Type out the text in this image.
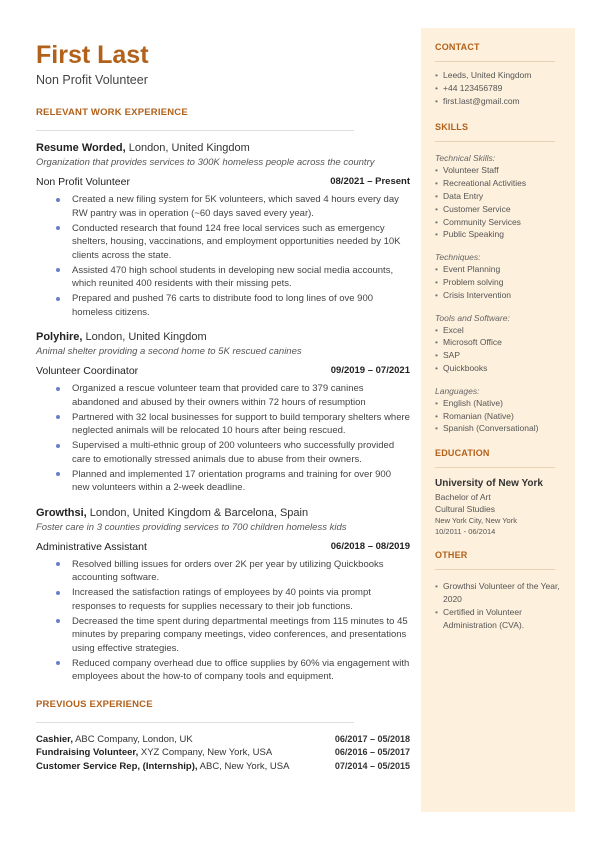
First Last
Non Profit Volunteer
RELEVANT WORK EXPERIENCE
Resume Worded, London, United Kingdom
Organization that provides services to 300K homeless people across the country
Non Profit Volunteer	08/2021 – Present
Created a new filing system for 5K volunteers, which saved 4 hours every day RW pantry was in operation (~60 days saved every year).
Conducted research that found 124 free local services such as emergency shelters, housing, vaccinations, and employment opportunities needed by 10K clients across the state.
Assisted 470 high school students in developing new social media accounts, which reunited 400 residents with their missing pets.
Prepared and pushed 76 carts to distribute food to long lines of ove 900 homeless citizens.
Polyhire, London, United Kingdom
Animal shelter providing a second home to 5K rescued canines
Volunteer Coordinator	09/2019 – 07/2021
Organized a rescue volunteer team that provided care to 379 canines abandoned and abused by their owners within 72 hours of resumption
Partnered with 32 local businesses for support to build temporary shelters where neglected animals will be relocated 10 hours after being rescued.
Supervised a multi-ethnic group of 200 volunteers who successfully provided care to emotionally stressed animals due to abuse from their owners.
Planned and implemented 17 orientation programs and training for over 900 new volunteers within a 2-week deadline.
Growthsi, London, United Kingdom & Barcelona, Spain
Foster care in 3 counties providing services to 700 children homeless kids
Administrative Assistant	06/2018 – 08/2019
Resolved billing issues for orders over 2K per year by utilizing Quickbooks accounting software.
Increased the satisfaction ratings of employees by 40 points via prompt responses to requests for supplies necessary to their job functions.
Decreased the time spent during departmental meetings from 115 minutes to 45 minutes by preparing company meetings, video conferences, and presentations using effective strategies.
Reduced company overhead due to office supplies by 60% via engagement with employees about the how-to of company tools and equipment.
PREVIOUS EXPERIENCE
Cashier, ABC Company, London, UK	06/2017 – 05/2018
Fundraising Volunteer, XYZ Company, New York, USA	06/2016 – 05/2017
Customer Service Rep, (Internship), ABC, New York, USA	07/2014 – 05/2015
CONTACT
• Leeds, United Kingdom
• +44 123456789
• first.last@gmail.com
SKILLS
Technical Skills:
• Volunteer Staff
• Recreational Activities
• Data Entry
• Customer Service
• Community Services
• Public Speaking
Techniques:
• Event Planning
• Problem solving
• Crisis Intervention
Tools and Software:
• Excel
• Microsoft Office
• SAP
• Quickbooks
Languages:
• English (Native)
• Romanian (Native)
• Spanish (Conversational)
EDUCATION
University of New York
Bachelor of Art
Cultural Studies
New York City, New York
10/2011 - 06/2014
OTHER
• Growthsi Volunteer of the Year, 2020
• Certified in Volunteer Administration (CVA).
